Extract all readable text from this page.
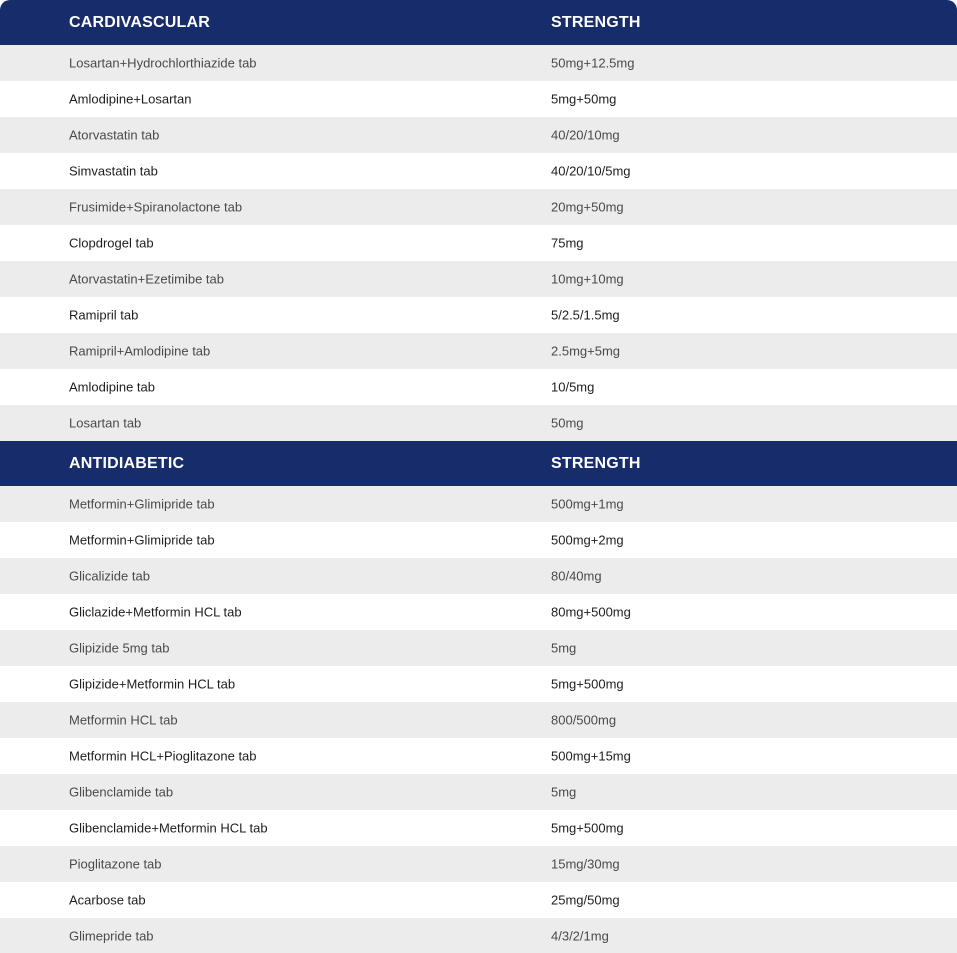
CARDIVASCULAR	STRENGTH
Losartan+Hydrochlorthiazide tab	50mg+12.5mg
Amlodipine+Losartan	5mg+50mg
Atorvastatin tab	40/20/10mg
Simvastatin tab	40/20/10/5mg
Frusimide+Spiranolactone tab	20mg+50mg
Clopdrogel tab	75mg
Atorvastatin+Ezetimibe tab	10mg+10mg
Ramipril tab	5/2.5/1.5mg
Ramipril+Amlodipine tab	2.5mg+5mg
Amlodipine tab	10/5mg
Losartan tab	50mg
ANTIDIABETIC	STRENGTH
Metformin+Glimipride tab	500mg+1mg
Metformin+Glimipride tab	500mg+2mg
Glicalizide tab	80/40mg
Gliclazide+Metformin HCL tab	80mg+500mg
Glipizide 5mg tab	5mg
Glipizide+Metformin HCL tab	5mg+500mg
Metformin HCL tab	800/500mg
Metformin HCL+Pioglitazone tab	500mg+15mg
Glibenclamide tab	5mg
Glibenclamide+Metformin HCL tab	5mg+500mg
Pioglitazone tab	15mg/30mg
Acarbose tab	25mg/50mg
Glimepride tab	4/3/2/1mg
